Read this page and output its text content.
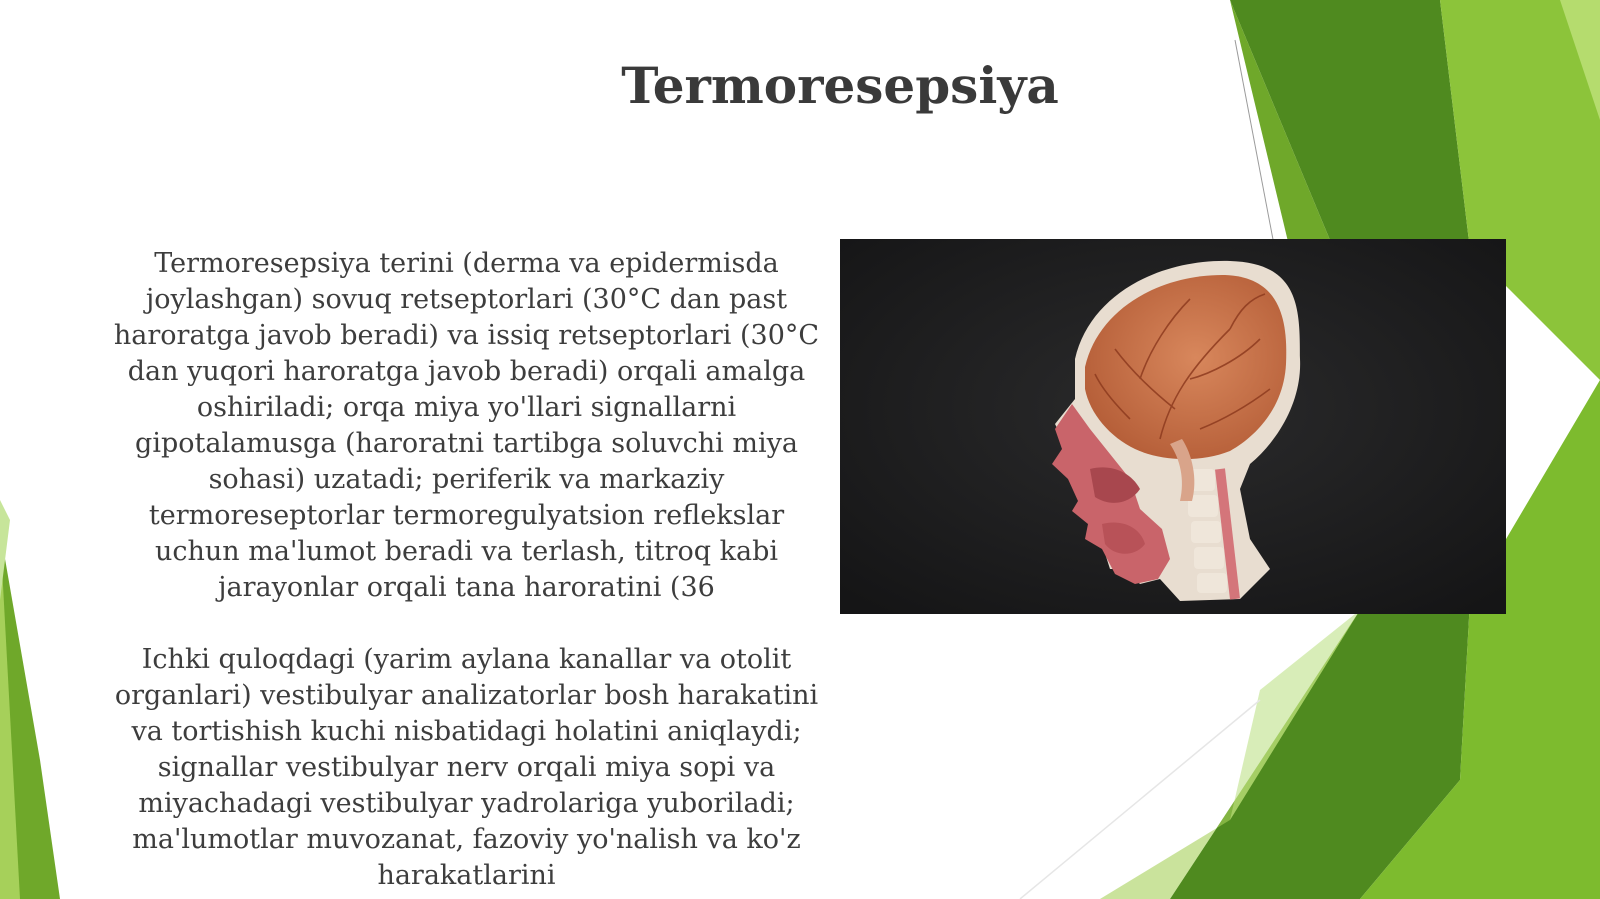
Termoresepsiya

Termoresepsiya terini (derma va epidermisda joylashgan) sovuq retseptorlari (30°C dan past haroratga javob beradi) va issiq retseptorlari (30°C dan yuqori haroratga javob beradi) orqali amalga oshiriladi; orqa miya yo'llari signallarni gipotalamusga (haroratni tartibga soluvchi miya sohasi) uzatadi; periferik va markaziy termoreseptorlar termoregulyatsion reflekslar uchun ma'lumot beradi va terlash, titroq kabi jarayonlar orqali tana haroratini (36

Ichki quloqdagi (yarim aylana kanallar va otolit organlari) vestibulyar analizatorlar bosh harakatini va tortishish kuchi nisbatidagi holatini aniqlaydi; signallar vestibulyar nerv orqali miya sopi va miyachadagi vestibulyar yadrolariga yuboriladi; ma'lumotlar muvozanat, fazoviy yo'nalish va ko'z harakatlarini
